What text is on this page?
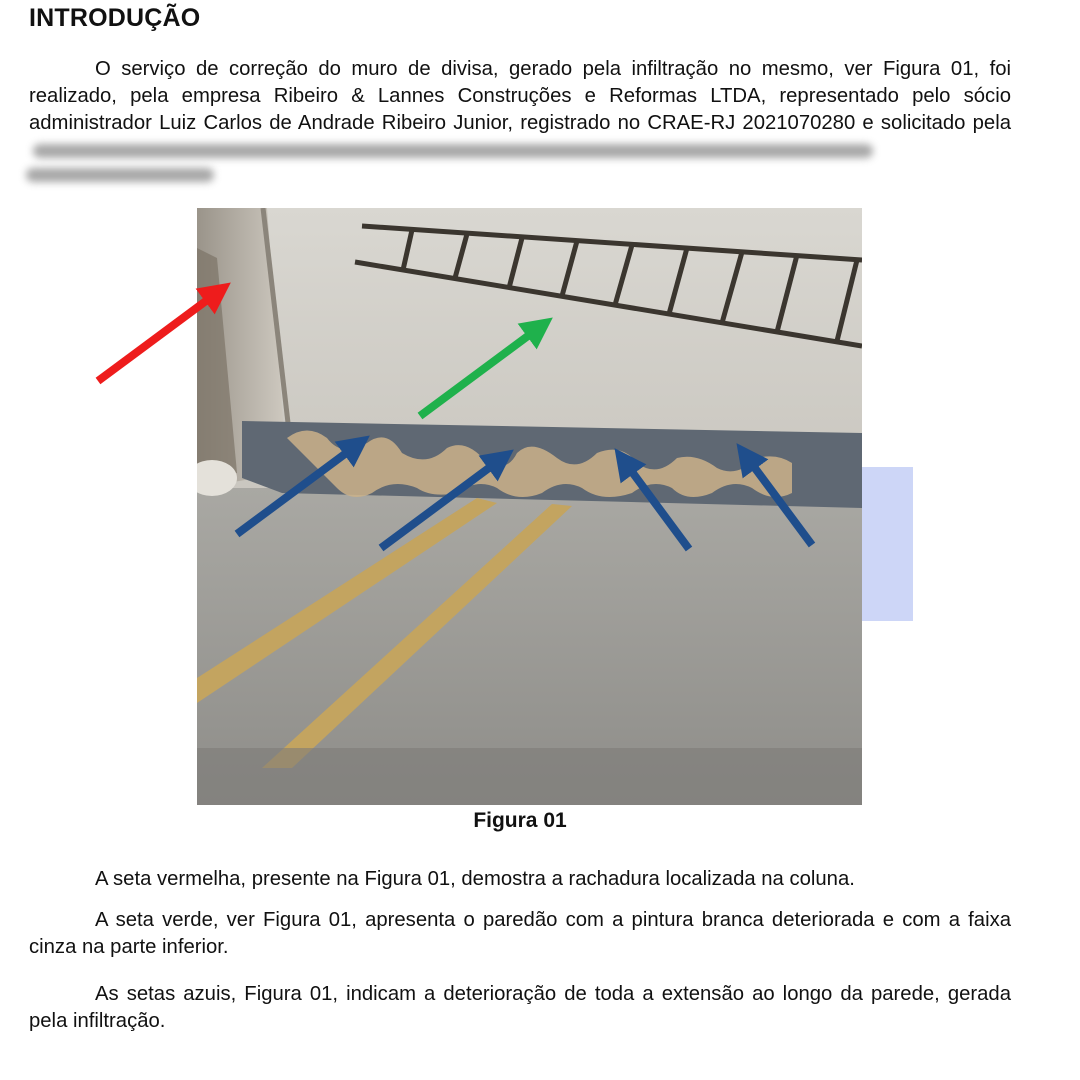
INTRODUÇÃO

O serviço de correção do muro de divisa, gerado pela infiltração no mesmo, ver Figura 01, foi realizado, pela empresa Ribeiro & Lannes Construções e Reformas LTDA, representado pelo sócio administrador Luiz Carlos de Andrade Ribeiro Junior, registrado no CRAE-RJ 2021070280 e solicitado pela

Figura 01

A seta vermelha, presente na Figura 01, demostra a rachadura localizada na coluna.

A seta verde, ver Figura 01, apresenta o paredão com a pintura branca deteriorada e com a faixa cinza na parte inferior.

As setas azuis, Figura 01, indicam a deterioração de toda a extensão ao longo da parede, gerada pela infiltração.
